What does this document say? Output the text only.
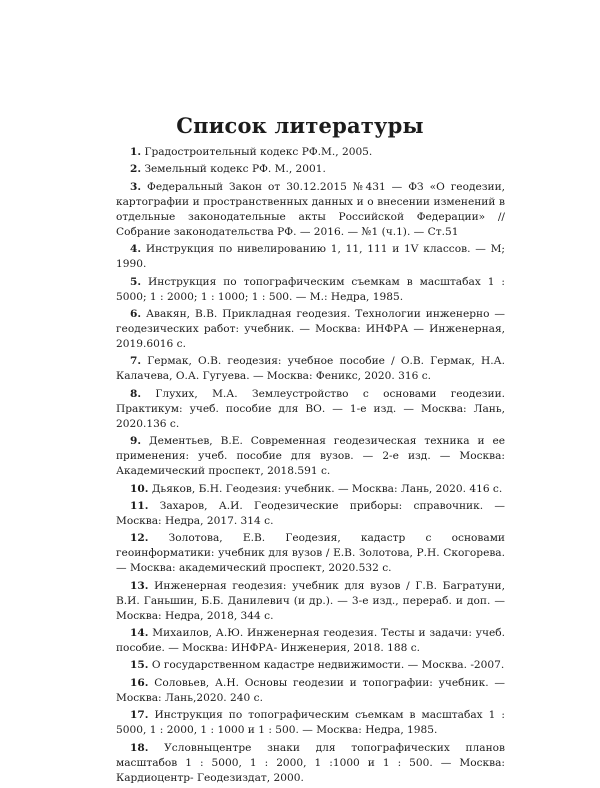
Список литературы
1. Градостроительный кодекс РФ.М., 2005.
2. Земельный кодекс РФ. М., 2001.
3. Федеральный Закон от 30.12.2015 №431 — ФЗ «О геодезии, картографии и пространственных данных и о внесении изменений в отдельные законодательные акты Российской Федерации» //Собрание законодательства РФ. — 2016. — №1 (ч.1). — Ст.51
4. Инструкция по нивелированию 1, 11, 111 и 1V классов. — М; 1990.
5. Инструкция по топографическим съемкам в масштабах 1 : 5000; 1 : 2000; 1 : 1000; 1 : 500. — М.: Недра, 1985.
6. Авакян, В.В. Прикладная геодезия. Технологии инженерно — геодезических работ: учебник. — Москва: ИНФРА — Инженерная, 2019.6016 с.
7. Гермак, О.В. геодезия: учебное пособие / О.В. Гермак, Н.А. Калачева, О.А. Гугуева. — Москва: Феникс, 2020. 316 с.
8. Глухих, М.А. Землеустройство с основами геодезии. Практикум: учеб. пособие для ВО. — 1-е изд. — Москва: Лань, 2020.136 с.
9. Дементьев, В.Е. Современная геодезическая техника и ее применения: учеб. пособие для вузов. — 2-е изд. — Москва: Академический проспект, 2018.591 с.
10. Дьяков, Б.Н. Геодезия: учебник. — Москва: Лань, 2020. 416 с.
11. Захаров, А.И. Геодезические приборы: справочник. — Москва: Недра, 2017. 314 с.
12. Золотова, Е.В. Геодезия, кадастр с основами геоинформатики: учебник для вузов / Е.В. Золотова, Р.Н. Скогорева. — Москва: академический проспект, 2020.532 с.
13. Инженерная геодезия: учебник для вузов / Г.В. Багратуни, В.И. Ганьшин, Б.Б. Данилевич (и др.). — 3-е изд., перераб. и доп. — Москва: Недра, 2018, 344 с.
14. Михаилов, А.Ю. Инженерная геодезия. Тесты и задачи: учеб. пособие. — Москва: ИНФРА- Инженерия, 2018. 188 с.
15. О государственном кадастре недвижимости. — Москва. -2007.
16. Соловьев, А.Н. Основы геодезии и топографии: учебник. — Москва: Лань,2020. 240 с.
17. Инструкция по топографическим съемкам в масштабах 1 : 5000, 1 : 2000, 1 : 1000 и 1 : 500. — Москва: Недра, 1985.
18. Условныцентре знаки для топографических планов масштабов 1 : 5000, 1 : 2000, 1 :1000 и 1 : 500. — Москва: Кардиоцентр- Геодезиздат, 2000.
